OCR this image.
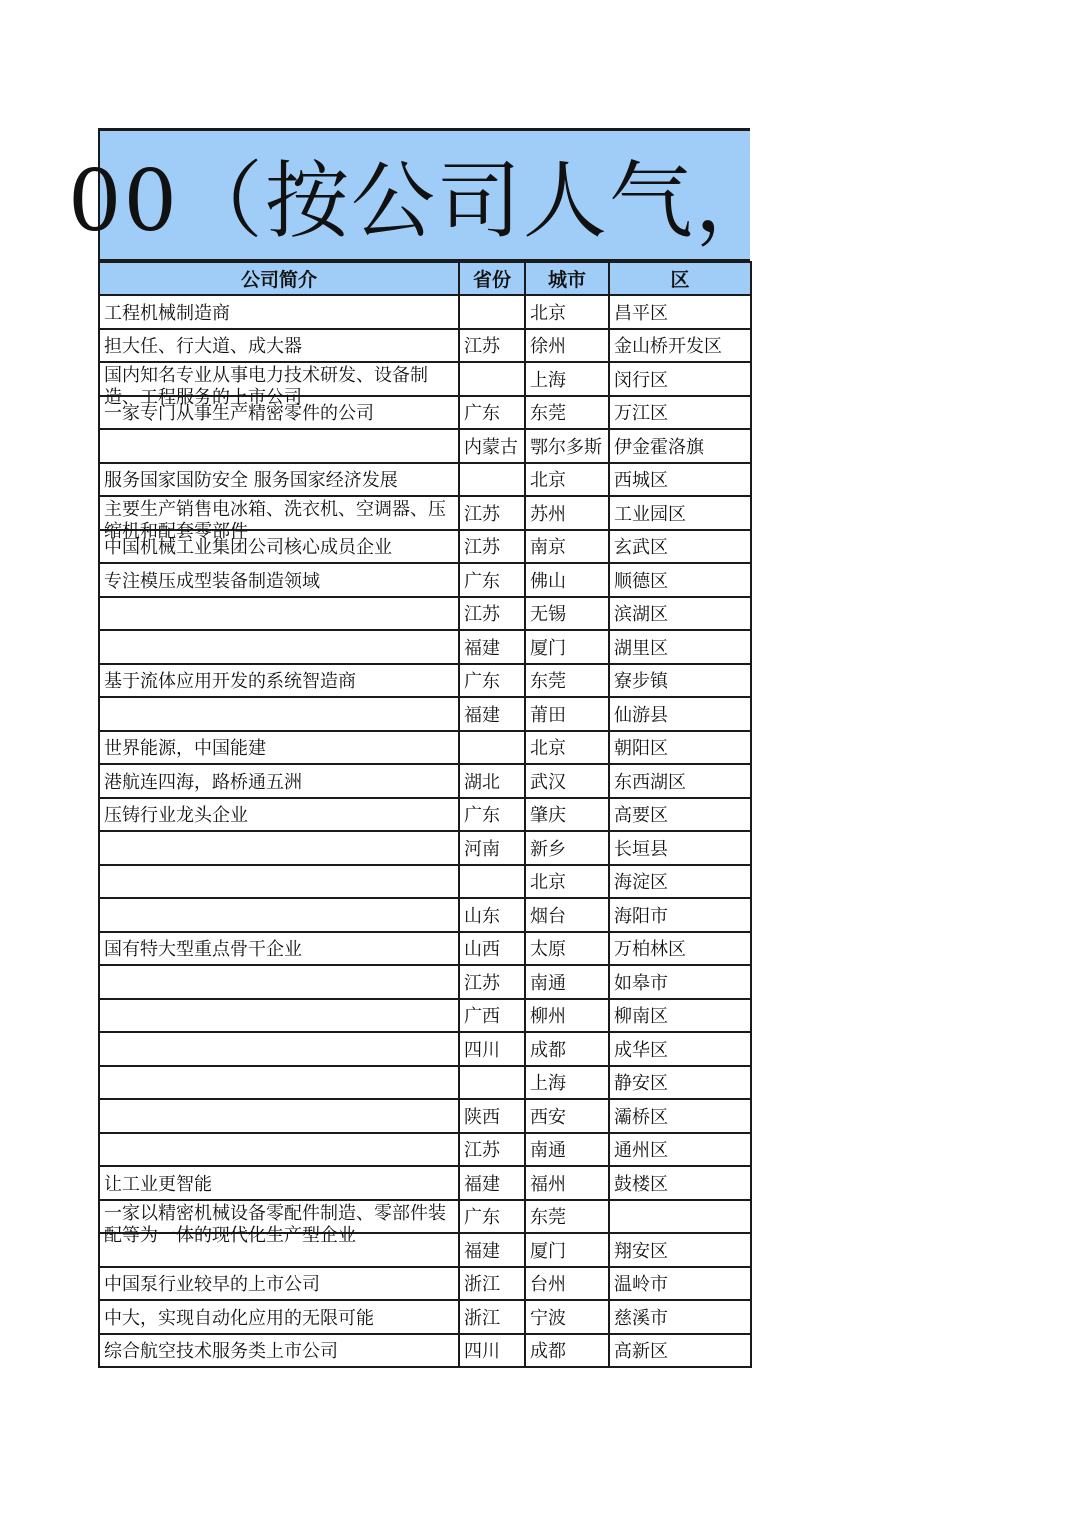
00（按公司人气，
公司简介	省份	城市	区
工程机械制造商		北京	昌平区
担大任、行大道、成大器	江苏	徐州	金山桥开发区

国内知名专业从事电力技术研发、设备制造、工程服务的上市公司		上海	闵行区
一家专门从事生产精密零件的公司	广东	东莞	万江区
	内蒙古	鄂尔多斯	伊金霍洛旗
服务国家国防安全 服务国家经济发展		北京	西城区

主要生产销售电冰箱、洗衣机、空调器、压缩机和配套零部件	江苏	苏州	工业园区
中国机械工业集团公司核心成员企业	江苏	南京	玄武区
专注模压成型装备制造领域	广东	佛山	顺德区
	江苏	无锡	滨湖区
	福建	厦门	湖里区
基于流体应用开发的系统智造商	广东	东莞	寮步镇
	福建	莆田	仙游县
世界能源，中国能建		北京	朝阳区
港航连四海，路桥通五洲	湖北	武汉	东西湖区
压铸行业龙头企业	广东	肇庆	高要区
	河南	新乡	长垣县
		北京	海淀区
	山东	烟台	海阳市
国有特大型重点骨干企业	山西	太原	万柏林区
	江苏	南通	如皋市
	广西	柳州	柳南区
	四川	成都	成华区
		上海	静安区
	陕西	西安	灞桥区
	江苏	南通	通州区
让工业更智能	福建	福州	鼓楼区

一家以精密机械设备零配件制造、零部件装配等为一体的现代化生产型企业	广东	东莞	
	福建	厦门	翔安区
中国泵行业较早的上市公司	浙江	台州	温岭市
中大，实现自动化应用的无限可能	浙江	宁波	慈溪市
综合航空技术服务类上市公司	四川	成都	高新区
